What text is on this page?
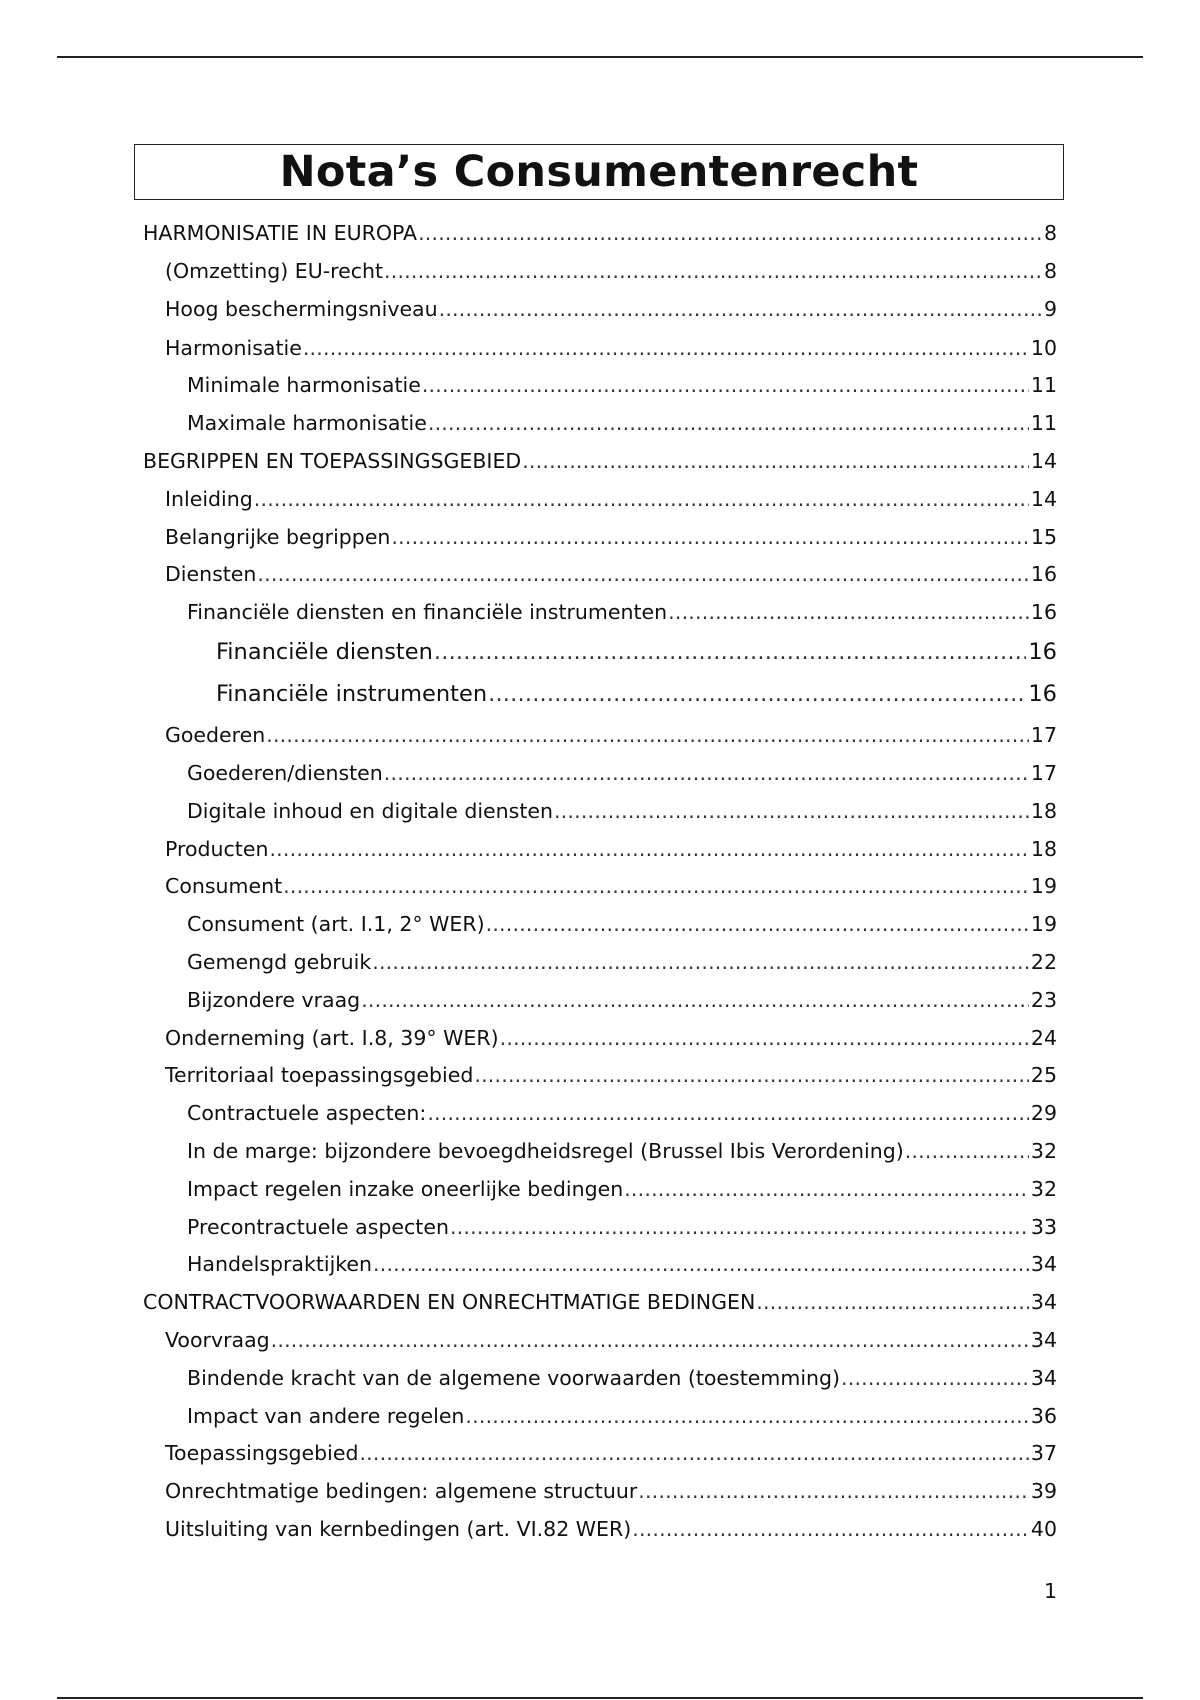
Nota’s Consumentenrecht
HARMONISATIE IN EUROPA .....	8
(Omzetting) EU-recht .....	8
Hoog beschermingsniveau .....	9
Harmonisatie .....	10
Minimale harmonisatie .....	11
Maximale harmonisatie .....	11
BEGRIPPEN EN TOEPASSINGSGEBIED .....	14
Inleiding .....	14
Belangrijke begrippen .....	15
Diensten .....	16
Financiële diensten en financiële instrumenten .....	16
Financiële diensten .....	16
Financiële instrumenten .....	16
Goederen .....	17
Goederen/diensten .....	17
Digitale inhoud en digitale diensten .....	18
Producten .....	18
Consument .....	19
Consument (art. I.1, 2° WER) .....	19
Gemengd gebruik .....	22
Bijzondere vraag .....	23
Onderneming (art. I.8, 39° WER) .....	24
Territoriaal toepassingsgebied .....	25
Contractuele aspecten: .....	29
In de marge: bijzondere bevoegdheidsregel (Brussel Ibis Verordening) .....	32
Impact regelen inzake oneerlijke bedingen .....	32
Precontractuele aspecten .....	33
Handelspraktijken .....	34
CONTRACTVOORWAARDEN EN ONRECHTMATIGE BEDINGEN .....	34
Voorvraag .....	34
Bindende kracht van de algemene voorwaarden (toestemming) .....	34
Impact van andere regelen .....	36
Toepassingsgebied .....	37
Onrechtmatige bedingen: algemene structuur .....	39
Uitsluiting van kernbedingen (art. VI.82 WER) .....	40
1
